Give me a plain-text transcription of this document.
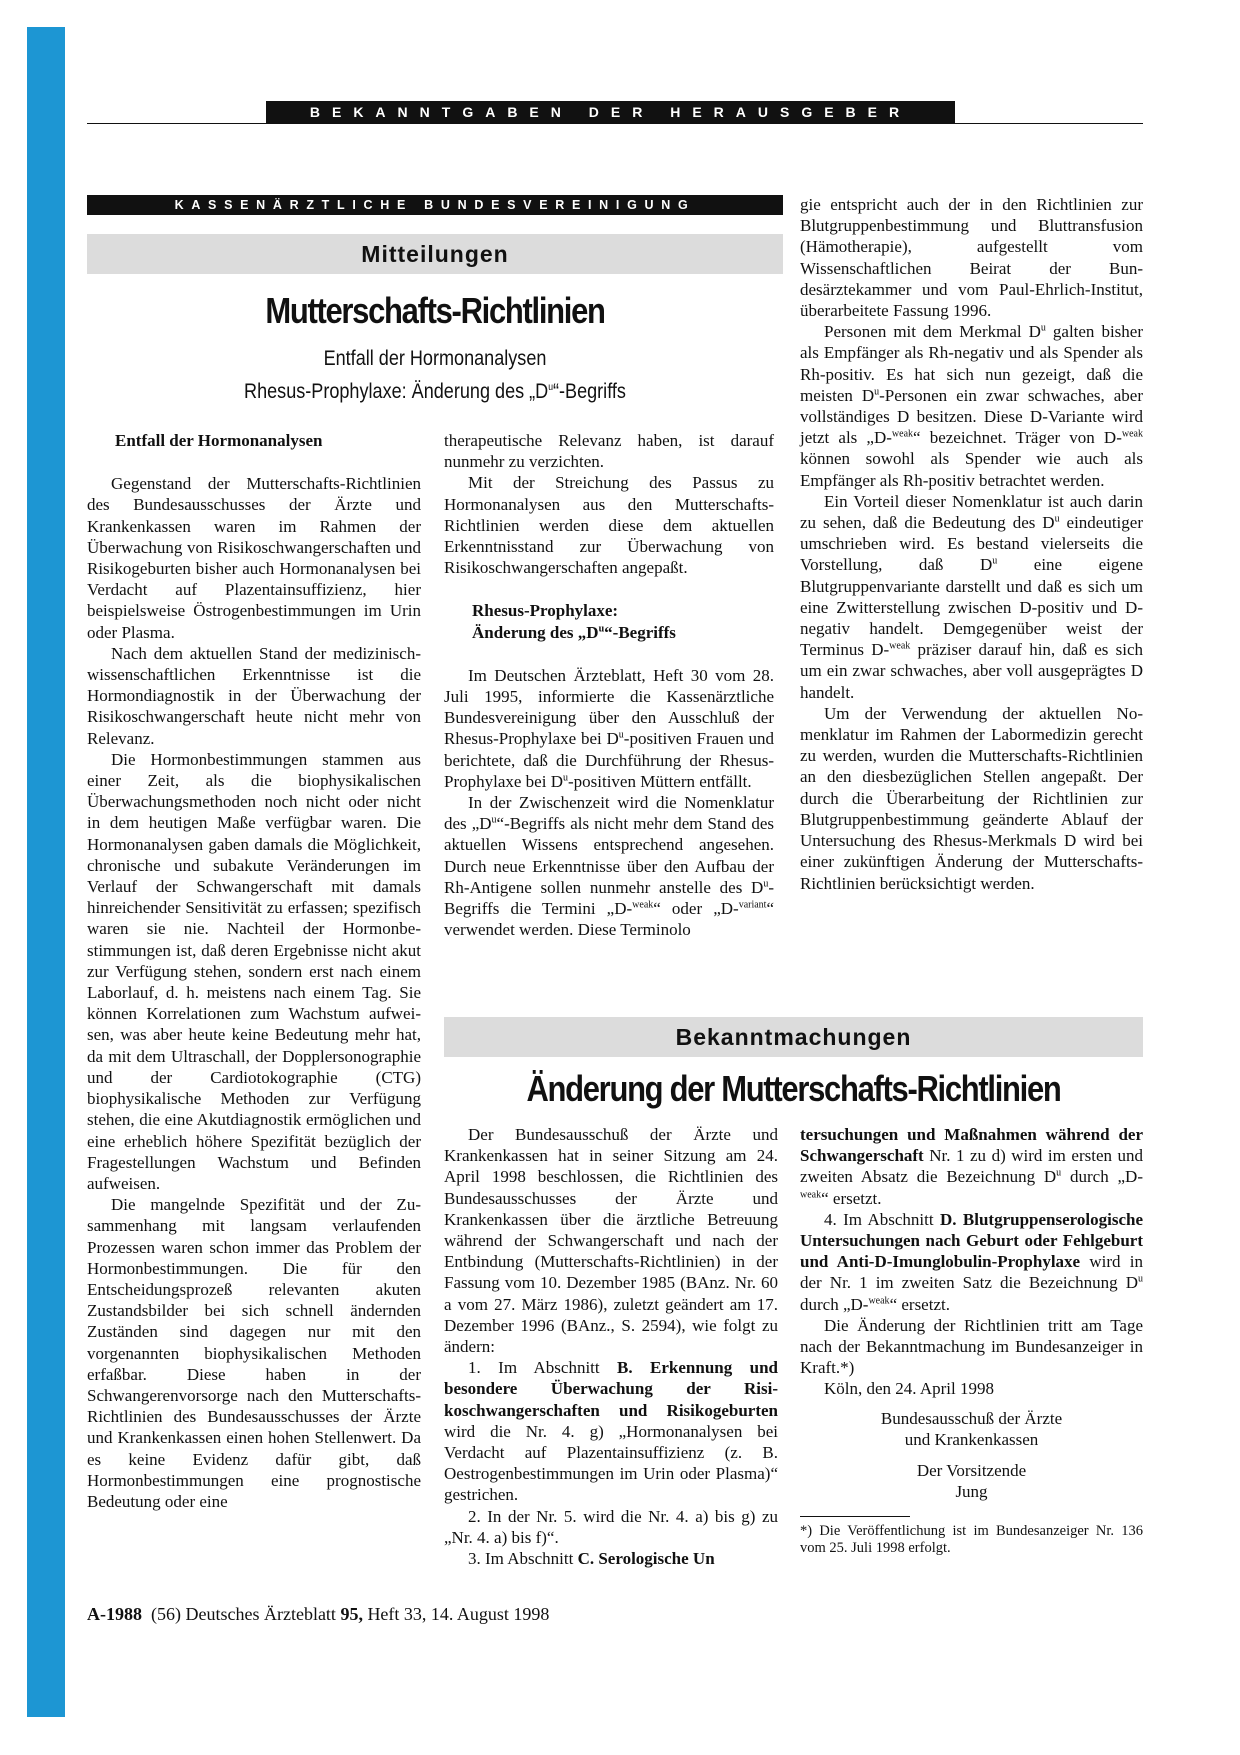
BEKANNTGABEN DER HERAUSGEBER
KASSENÄRZTLICHE BUNDESVEREINIGUNG
Mitteilungen
Mutterschafts-Richtlinien
Entfall der Hormonanalysen
Rhesus-Prophylaxe: Änderung des $„D^u“$-Begriffs
Entfall der Hormonanalysen

Gegenstand der Mutterschafts-Richtlinien des Bundesausschusses der Ärzte und Krankenkassen waren im Rahmen der Überwachung von Risikoschwangerschaften und Risikogeburten bisher auch Hormonanalysen bei Verdacht auf Plazentainsuffizienz, hier beispielsweise Östrogenbestimmungen im Urin oder Plasma.

Nach dem aktuellen Stand der medizinisch-wissenschaftlichen Erkenntnisse ist die Hormondiagnostik in der Überwachung der Risikoschwangerschaft heute nicht mehr von Relevanz.

Die Hormonbestimmungen stammen aus einer Zeit, als die biophysikalischen Überwachungsmethoden noch nicht oder nicht in dem heutigen Maße verfügbar waren. Die Hormonanalysen gaben damals die Möglichkeit, chronische und subakute Veränderungen im Verlauf der Schwangerschaft mit damals hinreichender Sensitivität zu erfassen; spezifisch waren sie nie. Nachteil der Hormonbestimmungen ist, daß deren Ergebnisse nicht akut zur Verfügung stehen, sondern erst nach einem Laborlauf, d. h. meistens nach einem Tag. Sie können Korrelationen zum Wachstum aufweisen, was aber heute keine Bedeutung mehr hat, da mit dem Ultraschall, der Dopplersonographie und der Cardiotokographie (CTG) biophysikalische Methoden zur Verfügung stehen, die eine Akutdiagnostik ermöglichen und eine erheblich höhere Spezifität bezüglich der Fragestellungen Wachstum und Befinden aufweisen.

Die mangelnde Spezifität und der Zusammenhang mit langsam verlaufenden Prozessen waren schon immer das Problem der Hormonbestimmungen. Die für den Entscheidungsprozeß relevanten akuten Zustandsbilder bei sich schnell ändernden Zuständen sind dagegen nur mit den vorgenannten biophysikalischen Methoden erfaßbar. Diese haben in der Schwangerenvorsorge nach den Mutterschafts-Richtlinien des Bundesausschusses der Ärzte und Krankenkassen einen hohen Stellenwert. Da es keine Evidenz dafür gibt, daß Hormonbestimmungen eine prognostische Bedeutung oder eine

therapeutische Relevanz haben, ist darauf nunmehr zu verzichten.

Mit der Streichung des Passus zu Hormonanalysen aus den Mutterschafts-Richtlinien werden diese dem aktuellen Erkenntnisstand zur Überwachung von Risikoschwangerschaften angepaßt.

Rhesus-Prophylaxe:
Änderung des $„D^u“$-Begriffs

Im Deutschen Ärzteblatt, Heft 30 vom 28. Juli 1995, informierte die Kassenärztliche Bundesvereinigung über den Ausschluß der Rhesus-Prophylaxe bei $D^u$-positiven Frauen und berichtete, daß die Durchführung der Rhesus-Prophylaxe bei $D^u$-positiven Müttern entfällt.

In der Zwischenzeit wird die Nomenklatur des $„D^u“$-Begriffs als nicht mehr dem Stand des aktuellen Wissens entsprechend angesehen. Durch neue Erkenntnisse über den Aufbau der Rh-Antigene sollen nunmehr anstelle des $D^u$-Begriffs die Termini „D-$^{weak}$“ oder „D-$^{variant}$“ verwendet werden. Diese Terminolo

gie entspricht auch der in den Richtlinien zur Blutgruppenbestimmung und Bluttransfusion (Hämotherapie), aufgestellt vom Wissenschaftlichen Beirat der Bundesärztekammer und vom Paul-Ehrlich-Institut, überarbeitete Fassung 1996.

Personen mit dem Merkmal $D^u$ galten bisher als Empfänger als Rh-negativ und als Spender als Rh-positiv. Es hat sich nun gezeigt, daß die meisten $D^u$-Personen ein zwar schwaches, aber vollständiges D besitzen. Diese D-Variante wird jetzt als „D-$^{weak}$“ bezeichnet. Träger von D-$^{weak}$ können sowohl als Spender wie auch als Empfänger als Rh-positiv betrachtet werden.

Ein Vorteil dieser Nomenklatur ist auch darin zu sehen, daß die Bedeutung des $D^u$ eindeutiger umschrieben wird. Es bestand vielerseits die Vorstellung, daß $D^u$ eine eigene Blutgruppenvariante darstellt und daß es sich um eine Zwitterstellung zwischen D-positiv und D-negativ handelt. Demgegenüber weist der Terminus D-$^{weak}$ präziser darauf hin, daß es sich um ein zwar schwaches, aber voll ausgeprägtes D handelt.

Um der Verwendung der aktuellen Nomenklatur im Rahmen der Labormedizin gerecht zu werden, wurden die Mutterschafts-Richtlinien an den diesbezüglichen Stellen angepaßt. Der durch die Überarbeitung der Richtlinien zur Blutgruppenbestimmung geänderte Ablauf der Untersuchung des Rhesus-Merkmals D wird bei einer zukünftigen Änderung der Mutterschafts-Richtlinien berücksichtigt werden.

Bekanntmachungen
Änderung der Mutterschafts-Richtlinien

Der Bundesausschuß der Ärzte und Krankenkassen hat in seiner Sitzung am 24. April 1998 beschlossen, die Richtlinien des Bundesausschusses der Ärzte und Krankenkassen über die ärztliche Betreuung während der Schwangerschaft und nach der Entbindung (Mutterschafts-Richtlinien) in der Fassung vom 10. Dezember 1985 (BAnz. Nr. 60 a vom 27. März 1986), zuletzt geändert am 17. Dezember 1996 (BAnz., S. 2594), wie folgt zu ändern:

1. Im Abschnitt B. Erkennung und besondere Überwachung der Risikoschwangerschaften und Risikogeburten wird die Nr. 4. g) „Hormonanalysen bei Verdacht auf Plazentainsuffizienz (z. B. Oestrogenbestimmungen im Urin oder Plasma)“ gestrichen.

2. In der Nr. 5. wird die Nr. 4. a) bis g) zu „Nr. 4. a) bis f)“.

3. Im Abschnitt C. Serologische Un

tersuchungen und Maßnahmen während der Schwangerschaft Nr. 1 zu d) wird im ersten und zweiten Absatz die Bezeichnung $D^u$ durch „D-$^{weak}$“ ersetzt.

4. Im Abschnitt D. Blutgruppenserologische Untersuchungen nach Geburt oder Fehlgeburt und Anti-D-Imunglobulin-Prophylaxe wird in der Nr. 1 im zweiten Satz die Bezeichnung $D^u$ durch „D-$^{weak}$“ ersetzt.

Die Änderung der Richtlinien tritt am Tage nach der Bekanntmachung im Bundesanzeiger in Kraft.*)

Köln, den 24. April 1998

Bundesausschuß der Ärzte
und Krankenkassen

Der Vorsitzende
Jung

*) Die Veröffentlichung ist im Bundesanzeiger Nr. 136 vom 25. Juli 1998 erfolgt.

A-1988 (56) Deutsches Ärzteblatt 95, Heft 33, 14. August 1998
